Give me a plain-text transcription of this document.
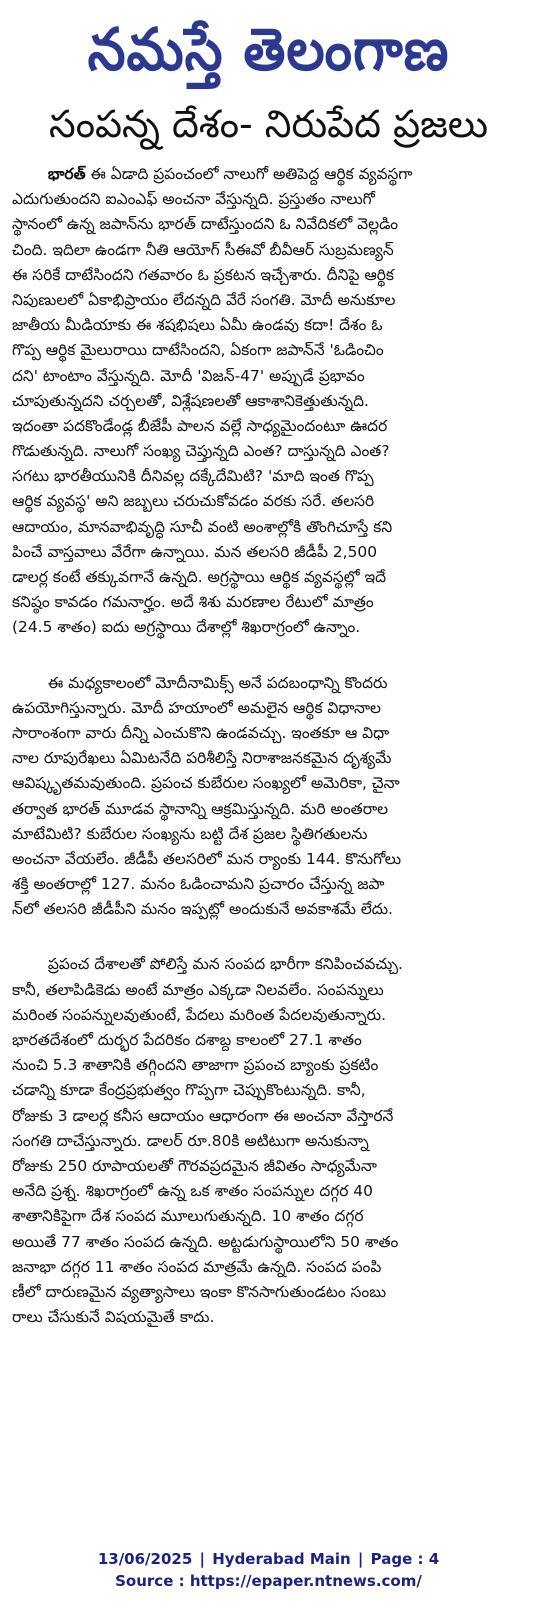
నమస్తే తెలంగాణ
సంపన్న దేశం- నిరుపేద ప్రజలు
భారత్ ఈ ఏడాది ప్రపంచంలో నాలుగో అతిపెద్ద ఆర్థిక వ్యవస్థగా
ఎదుగుతుందని ఐఎంఎఫ్ అంచనా వేస్తున్నది. ప్రస్తుతం నాలుగో
స్థానంలో ఉన్న జపాన్‌ను భారత్ దాటేస్తుందని ఓ నివేదికలో వెల్లడిం
చింది. ఇదిలా ఉండగా నీతి ఆయోగ్ సీఈవో బీవీఆర్ సుబ్రమణ్యన్
ఈ సరికే దాటేసిందని గతవారం ఓ ప్రకటన ఇచ్చేశారు. దీనిపై ఆర్థిక
నిపుణులలో ఏకాభిప్రాయం లేదన్నది వేరే సంగతి. మోదీ అనుకూల
జాతీయ మీడియాకు ఈ శషభిషలు ఏమీ ఉండవు కదా! దేశం ఓ
గొప్ప ఆర్థిక మైలురాయి దాటేసిందని, ఏకంగా జపాన్‌నే 'ఓడించిం
దని' టాంటాం వేస్తున్నది. మోదీ 'విజన్-47' అప్పుడే ప్రభావం
చూపుతున్నదని చర్చలతో, విశ్లేషణలతో ఆకాశానికెత్తుతున్నది.
ఇదంతా పదకొండేండ్ల బీజేపీ పాలన వల్లే సాధ్యమైందంటూ ఊదర
గొడుతున్నది. నాలుగో సంఖ్య చెప్తున్నది ఎంత? దాస్తున్నది ఎంత?
సగటు భారతీయునికి దీనివల్ల దక్కేదేమిటి? 'మాది ఇంత గొప్ప
ఆర్థిక వ్యవస్థ' అని జబ్బలు చరుచుకోవడం వరకు సరే. తలసరి
ఆదాయం, మానవాభివృద్ధి సూచీ వంటి అంశాల్లోకి తొంగిచూస్తే కని
పించే వాస్తవాలు వేరేగా ఉన్నాయి. మన తలసరి జీడీపీ 2,500
డాలర్ల కంటే తక్కువగానే ఉన్నది. అగ్రస్థాయి ఆర్థిక వ్యవస్థల్లో ఇదే
కనిష్ఠం కావడం గమనార్హం. అదే శిశు మరణాల రేటులో మాత్రం
(24.5 శాతం) ఐదు అగ్రస్థాయి దేశాల్లో శిఖరాగ్రంలో ఉన్నాం.
ఈ మధ్యకాలంలో మోదీనామిక్స్ అనే పదబంధాన్ని కొందరు
ఉపయోగిస్తున్నారు. మోదీ హయాంలో అమలైన ఆర్థిక విధానాల
సారాంశంగా వారు దీన్ని ఎంచుకొని ఉండవచ్చు. ఇంతకూ ఆ విధా
నాల రూపురేఖలు ఏమిటనేది పరిశీలిస్తే నిరాశాజనకమైన దృశ్యమే
ఆవిష్కృతమవుతుంది. ప్రపంచ కుబేరుల సంఖ్యలో అమెరికా, చైనా
తర్వాత భారత్ మూడవ స్థానాన్ని ఆక్రమిస్తున్నది. మరి అంతరాల
మాటేమిటి? కుబేరుల సంఖ్యను బట్టి దేశ ప్రజల స్థితిగతులను
అంచనా వేయలేం. జీడీపీ తలసరిలో మన ర్యాంకు 144. కొనుగోలు
శక్తి అంతరాల్లో 127. మనం ఓడించామని ప్రచారం చేస్తున్న జపా
న్‌లో తలసరి జీడీపీని మనం ఇప్పట్లో అందుకునే అవకాశమే లేదు.
ప్రపంచ దేశాలతో పోలిస్తే మన సంపద భారీగా కనిపించవచ్చు.
కానీ, తలాపిడికెడు అంటే మాత్రం ఎక్కడా నిలవలేం. సంపన్నులు
మరింత సంపన్నులవుతుంటే, పేదలు మరింత పేదలవుతున్నారు.
భారతదేశంలో దుర్భర పేదరికం దశాబ్ద కాలంలో 27.1 శాతం
నుంచి 5.3 శాతానికి తగ్గిందని తాజాగా ప్రపంచ బ్యాంకు ప్రకటిం
చడాన్ని కూడా కేంద్రప్రభుత్వం గొప్పగా చెప్పుకొంటున్నది. కానీ,
రోజుకు 3 డాలర్ల కనీస ఆదాయం ఆధారంగా ఈ అంచనా వేస్తారనే
సంగతి దాచేస్తున్నారు. డాలర్ రూ.80కి అటిటుగా అనుకున్నా
రోజుకు 250 రూపాయలతో గౌరవప్రదమైన జీవితం సాధ్యమేనా
అనేది ప్రశ్న. శిఖరాగ్రంలో ఉన్న ఒక శాతం సంపన్నుల దగ్గర 40
శాతానికిపైగా దేశ సంపద మూలుగుతున్నది. 10 శాతం దగ్గర
అయితే 77 శాతం సంపద ఉన్నది. అట్టడుగుస్థాయిలోని 50 శాతం
జనాభా దగ్గర 11 శాతం సంపద మాత్రమే ఉన్నది. సంపద పంపి
ణీలో దారుణమైన వ్యత్యాసాలు ఇంకా కొనసాగుతుండటం సంబు
రాలు చేసుకునే విషయమైతే కాదు.
13/06/2025 | Hyderabad Main | Page : 4
Source : https://epaper.ntnews.com/
